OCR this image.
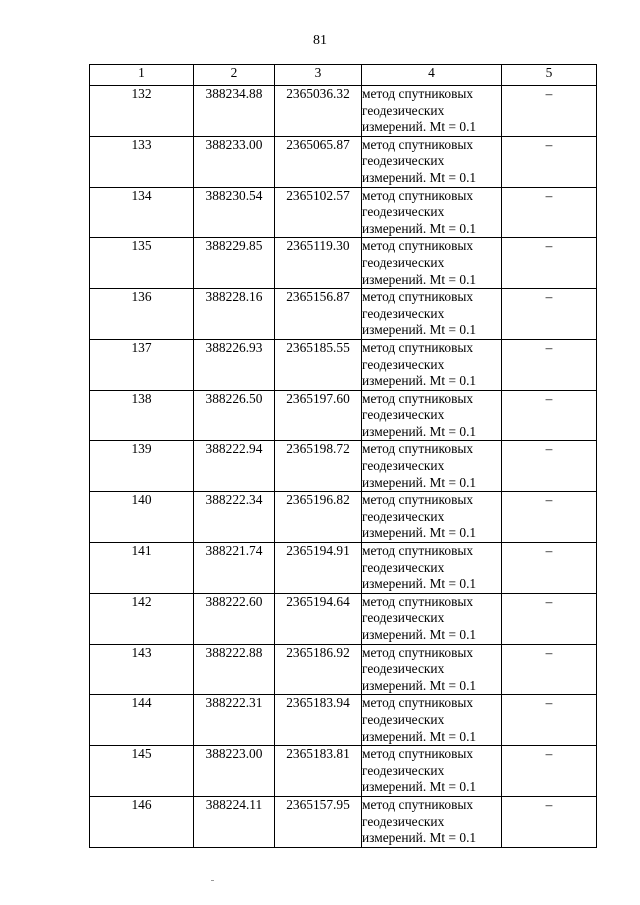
81
1	2	3	4	5
132	388234.88	2365036.32	метод спутниковых
геодезических
измерений. Mt = 0.1	–
133	388233.00	2365065.87	метод спутниковых
геодезических
измерений. Mt = 0.1	–
134	388230.54	2365102.57	метод спутниковых
геодезических
измерений. Mt = 0.1	–
135	388229.85	2365119.30	метод спутниковых
геодезических
измерений. Mt = 0.1	–
136	388228.16	2365156.87	метод спутниковых
геодезических
измерений. Mt = 0.1	–
137	388226.93	2365185.55	метод спутниковых
геодезических
измерений. Mt = 0.1	–
138	388226.50	2365197.60	метод спутниковых
геодезических
измерений. Mt = 0.1	–
139	388222.94	2365198.72	метод спутниковых
геодезических
измерений. Mt = 0.1	–
140	388222.34	2365196.82	метод спутниковых
геодезических
измерений. Mt = 0.1	–
141	388221.74	2365194.91	метод спутниковых
геодезических
измерений. Mt = 0.1	–
142	388222.60	2365194.64	метод спутниковых
геодезических
измерений. Mt = 0.1	–
143	388222.88	2365186.92	метод спутниковых
геодезических
измерений. Mt = 0.1	–
144	388222.31	2365183.94	метод спутниковых
геодезических
измерений. Mt = 0.1	–
145	388223.00	2365183.81	метод спутниковых
геодезических
измерений. Mt = 0.1	–
146	388224.11	2365157.95	метод спутниковых
геодезических
измерений. Mt = 0.1	–
